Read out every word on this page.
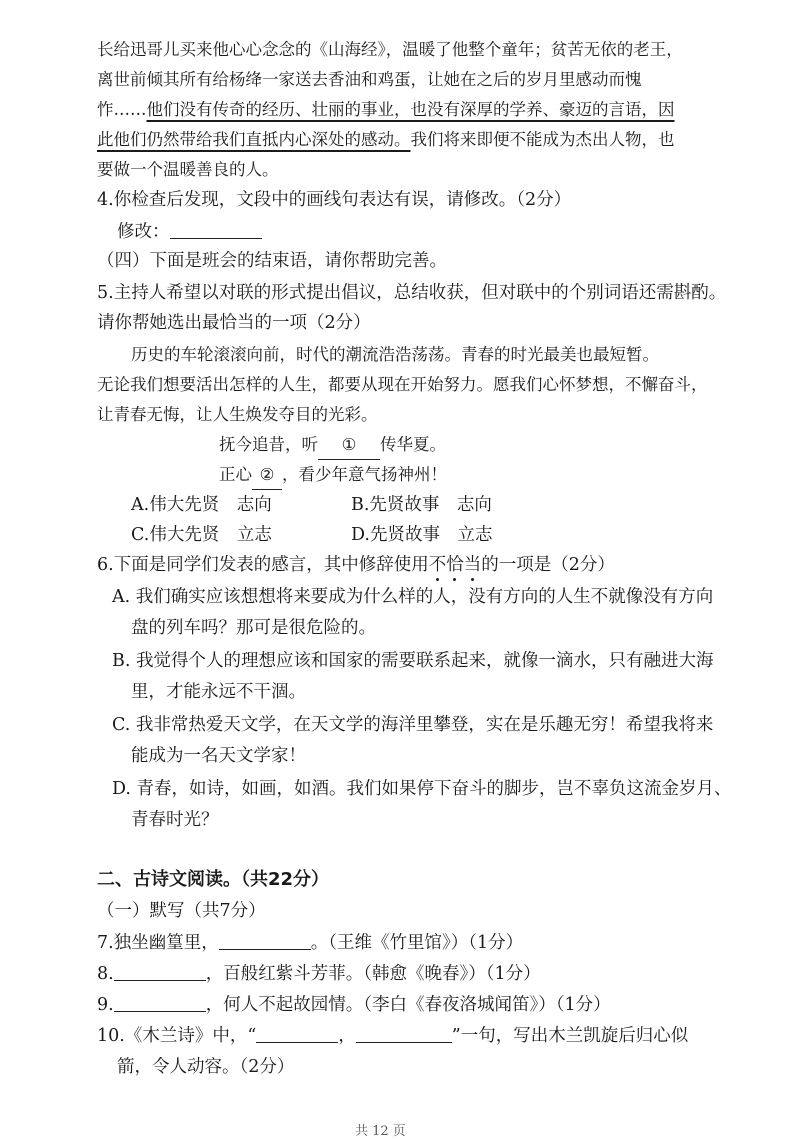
长给迅哥儿买来他心心念念的《山海经》，温暖了他整个童年；贫苦无依的老王，
离世前倾其所有给杨绛一家送去香油和鸡蛋，让她在之后的岁月里感动而愧
怍……他们没有传奇的经历、壮丽的事业，也没有深厚的学养、豪迈的言语，因
此他们仍然带给我们直抵内心深处的感动。我们将来即便不能成为杰出人物，也
要做一个温暖善良的人。
4.你检查后发现，文段中的画线句表达有误，请修改。（2分）
修改：
（四）下面是班会的结束语，请你帮助完善。
5.主持人希望以对联的形式提出倡议，总结收获，但对联中的个别词语还需斟酌。
请你帮她选出最恰当的一项（2分）
历史的车轮滚滚向前，时代的潮流浩浩荡荡。青春的时光最美也最短暂。
无论我们想要活出怎样的人生，都要从现在开始努力。愿我们心怀梦想，不懈奋斗，
让青春无悔，让人生焕发夺目的光彩。
抚今追昔，听 ① 传华夏。
正心 ② ，看少年意气扬神州！
A.伟大先贤　志向	B.先贤故事　志向
C.伟大先贤　立志	D.先贤故事　立志
6.下面是同学们发表的感言，其中修辞使用不恰当的一项是（2分）
A. 我们确实应该想想将来要成为什么样的人，没有方向的人生不就像没有方向
盘的列车吗？那可是很危险的。
B. 我觉得个人的理想应该和国家的需要联系起来，就像一滴水，只有融进大海
里，才能永远不干涸。
C. 我非常热爱天文学，在天文学的海洋里攀登，实在是乐趣无穷！希望我将来
能成为一名天文学家！
D. 青春，如诗，如画，如酒。我们如果停下奋斗的脚步，岂不辜负这流金岁月、
青春时光？
二、古诗文阅读。（共22分）
（一）默写（共7分）
7.独坐幽篁里，	。（王维《竹里馆》）（1分）
8.	，百般红紫斗芳菲。（韩愈《晚春》）（1分）
9.	，何人不起故园情。（李白《春夜洛城闻笛》）（1分）
10.《木兰诗》中，“	，	”一句，写出木兰凯旋后归心似
箭，令人动容。（2分）
共 12 页
